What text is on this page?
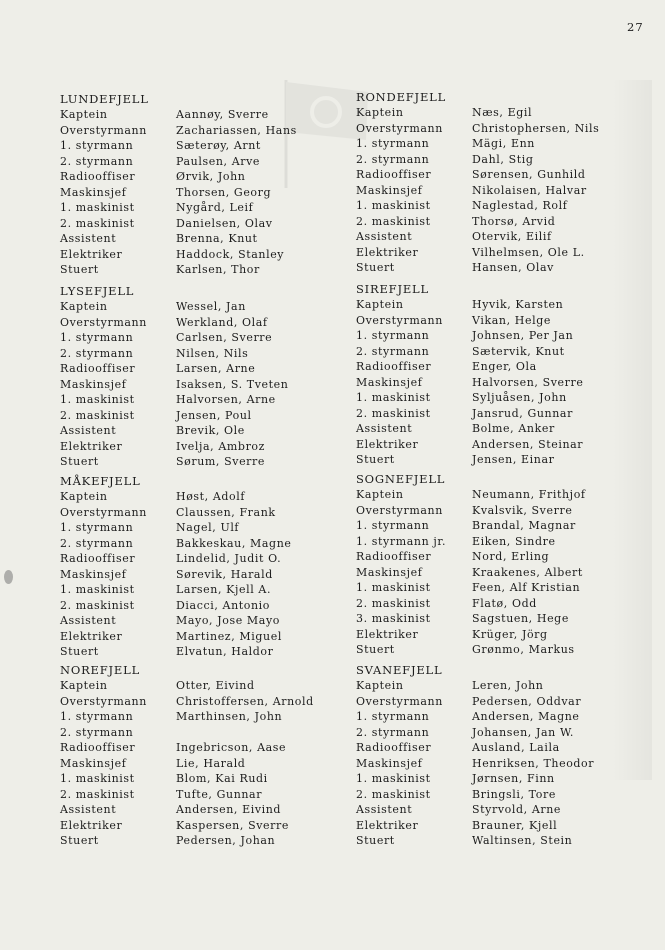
27
LUNDEFJELL
Kaptein	Aannøy, Sverre
Overstyrmann	Zachariassen, Hans
1. styrmann	Sæterøy, Arnt
2. styrmann	Paulsen, Arve
Radiooffiser	Ørvik, John
Maskinsjef	Thorsen, Georg
1. maskinist	Nygård, Leif
2. maskinist	Danielsen, Olav
Assistent	Brenna, Knut
Elektriker	Haddock, Stanley
Stuert	Karlsen, Thor
RONDEFJELL
Kaptein	Næs, Egil
Overstyrmann	Christophersen, Nils
1. styrmann	Mägi, Enn
2. styrmann	Dahl, Stig
Radiooffiser	Sørensen, Gunhild
Maskinsjef	Nikolaisen, Halvar
1. maskinist	Naglestad, Rolf
2. maskinist	Thorsø, Arvid
Assistent	Otervik, Eilif
Elektriker	Vilhelmsen, Ole L.
Stuert	Hansen, Olav
LYSEFJELL
Kaptein	Wessel, Jan
Overstyrmann	Werkland, Olaf
1. styrmann	Carlsen, Sverre
2. styrmann	Nilsen, Nils
Radiooffiser	Larsen, Arne
Maskinsjef	Isaksen, S. Tveten
1. maskinist	Halvorsen, Arne
2. maskinist	Jensen, Poul
Assistent	Brevik, Ole
Elektriker	Ivelja, Ambroz
Stuert	Sørum, Sverre
SIREFJELL
Kaptein	Hyvik, Karsten
Overstyrmann	Vikan, Helge
1. styrmann	Johnsen, Per Jan
2. styrmann	Sætervik, Knut
Radiooffiser	Enger, Ola
Maskinsjef	Halvorsen, Sverre
1. maskinist	Syljuåsen, John
2. maskinist	Jansrud, Gunnar
Assistent	Bolme, Anker
Elektriker	Andersen, Steinar
Stuert	Jensen, Einar
MÅKEFJELL
Kaptein	Høst, Adolf
Overstyrmann	Claussen, Frank
1. styrmann	Nagel, Ulf
2. styrmann	Bakkeskau, Magne
Radiooffiser	Lindelid, Judit O.
Maskinsjef	Sørevik, Harald
1. maskinist	Larsen, Kjell A.
2. maskinist	Diacci, Antonio
Assistent	Mayo, Jose Mayo
Elektriker	Martinez, Miguel
Stuert	Elvatun, Haldor
SOGNEFJELL
Kaptein	Neumann, Frithjof
Overstyrmann	Kvalsvik, Sverre
1. styrmann	Brandal, Magnar
1. styrmann jr.	Eiken, Sindre
Radiooffiser	Nord, Erling
Maskinsjef	Kraakenes, Albert
1. maskinist	Feen, Alf Kristian
2. maskinist	Flatø, Odd
3. maskinist	Sagstuen, Hege
Elektriker	Krüger, Jörg
Stuert	Grønmo, Markus
NOREFJELL
Kaptein	Otter, Eivind
Overstyrmann	Christoffersen, Arnold
1. styrmann	Marthinsen, John
2. styrmann	
Radiooffiser	Ingebricson, Aase
Maskinsjef	Lie, Harald
1. maskinist	Blom, Kai Rudi
2. maskinist	Tufte, Gunnar
Assistent	Andersen, Eivind
Elektriker	Kaspersen, Sverre
Stuert	Pedersen, Johan
SVANEFJELL
Kaptein	Leren, John
Overstyrmann	Pedersen, Oddvar
1. styrmann	Andersen, Magne
2. styrmann	Johansen, Jan W.
Radiooffiser	Ausland, Laila
Maskinsjef	Henriksen, Theodor
1. maskinist	Jørnsen, Finn
2. maskinist	Bringsli, Tore
Assistent	Styrvold, Arne
Elektriker	Brauner, Kjell
Stuert	Waltinsen, Stein
